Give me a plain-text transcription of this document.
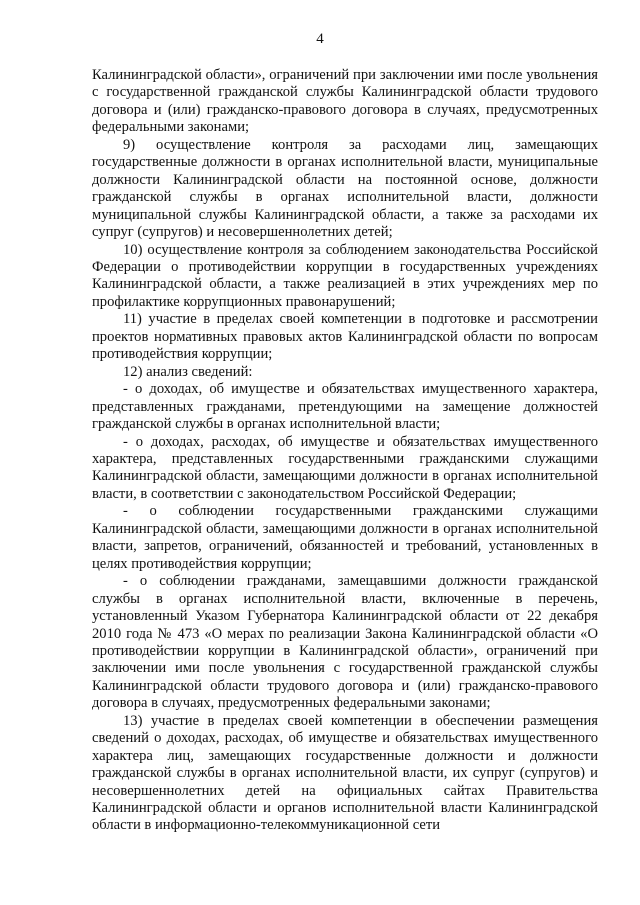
4

Калининградской области», ограничений при заключении ими после увольнения с государственной гражданской службы Калининградской области трудового договора и (или) гражданско-правового договора в случаях, предусмотренных федеральными законами;

9) осуществление контроля за расходами лиц, замещающих государственные должности в органах исполнительной власти, муниципальные должности Калининградской области на постоянной основе, должности гражданской службы в органах исполнительной власти, должности муниципальной службы Калининградской области, а также за расходами их супруг (супругов) и несовершеннолетних детей;

10) осуществление контроля за соблюдением законодательства Российской Федерации о противодействии коррупции в государственных учреждениях Калининградской области, а также реализацией в этих учреждениях мер по профилактике коррупционных правонарушений;

11) участие в пределах своей компетенции в подготовке и рассмотрении проектов нормативных правовых актов Калининградской области по вопросам противодействия коррупции;

12) анализ сведений:

- о доходах, об имуществе и обязательствах имущественного характера, представленных гражданами, претендующими на замещение должностей гражданской службы в органах исполнительной власти;

- о доходах, расходах, об имуществе и обязательствах имущественного характера, представленных государственными гражданскими служащими Калининградской области, замещающими должности в органах исполнительной власти, в соответствии с законодательством Российской Федерации;

- о соблюдении государственными гражданскими служащими Калининградской области, замещающими должности в органах исполнительной власти, запретов, ограничений, обязанностей и требований, установленных в целях противодействия коррупции;

- о соблюдении гражданами, замещавшими должности гражданской службы в органах исполнительной власти, включенные в перечень, установленный Указом Губернатора Калининградской области от 22 декабря 2010 года № 473 «О мерах по реализации Закона Калининградской области «О противодействии коррупции в Калининградской области», ограничений при заключении ими после увольнения с государственной гражданской службы Калининградской области трудового договора и (или) гражданско-правового договора в случаях, предусмотренных федеральными законами;

13) участие в пределах своей компетенции в обеспечении размещения сведений о доходах, расходах, об имуществе и обязательствах имущественного характера лиц, замещающих государственные должности и должности гражданской службы в органах исполнительной власти, их супруг (супругов) и несовершеннолетних детей на официальных сайтах Правительства Калининградской области и органов исполнительной власти Калининградской области в информационно-телекоммуникационной сети
